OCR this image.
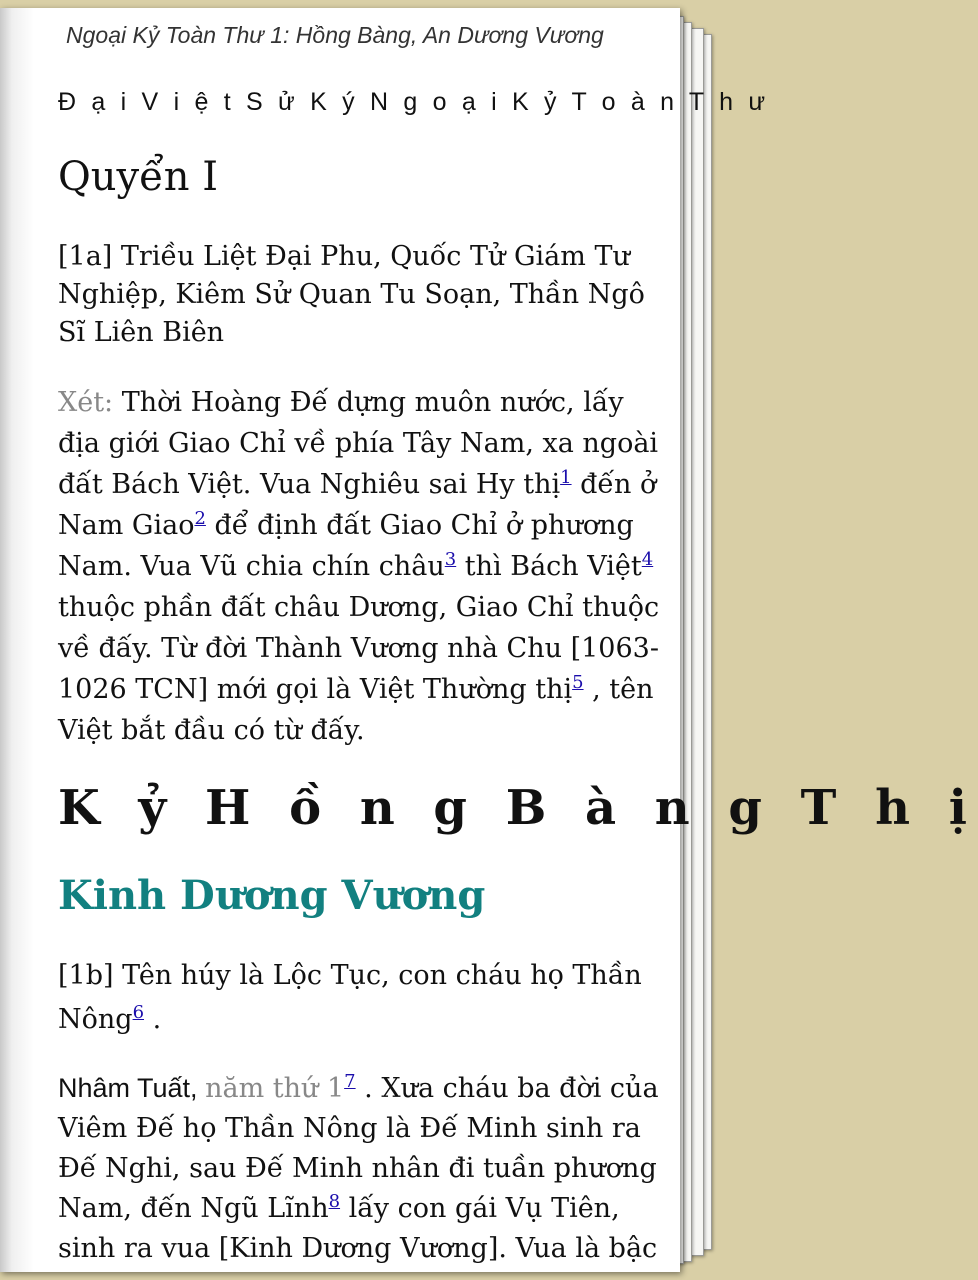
Ngoại Kỷ Toàn Thư 1: Hồng Bàng, An Dương Vương
Đ ạ i V i ệ t S ử K ý N g o ạ i K ỷ T o à n T h ư
Quyển I

[1a] Triều Liệt Đại Phu, Quốc Tử Giám Tư Nghiệp, Kiêm Sử Quan Tu Soạn, Thần Ngô Sĩ Liên Biên

Xét: Thời Hoàng Đế dựng muôn nước, lấy địa giới Giao Chỉ về phía Tây Nam, xa ngoài đất Bách Việt. Vua Nghiêu sai Hy thị$^1$ đến ở Nam Giao$^2$ để định đất Giao Chỉ ở phương Nam. Vua Vũ chia chín châu$^3$ thì Bách Việt$^4$ thuộc phần đất châu Dương, Giao Chỉ thuộc về đấy. Từ đời Thành Vương nhà Chu [1063-1026 TCN] mới gọi là Việt Thường thị$^5$ , tên Việt bắt đầu có từ đấy.

K ỷ H ồ n g B à n g T h ị
Kinh Dương Vương

[1b] Tên húy là Lộc Tục, con cháu họ Thần Nông$^6$ .

Nhâm Tuất, năm thứ 1$^7$ . Xưa cháu ba đời của Viêm Đế họ Thần Nông là Đế Minh sinh ra Đế Nghi, sau Đế Minh nhân đi tuần phương Nam, đến Ngũ Lĩnh$^8$ lấy con gái Vụ Tiên, sinh ra vua [Kinh Dương Vương]. Vua là bậc
